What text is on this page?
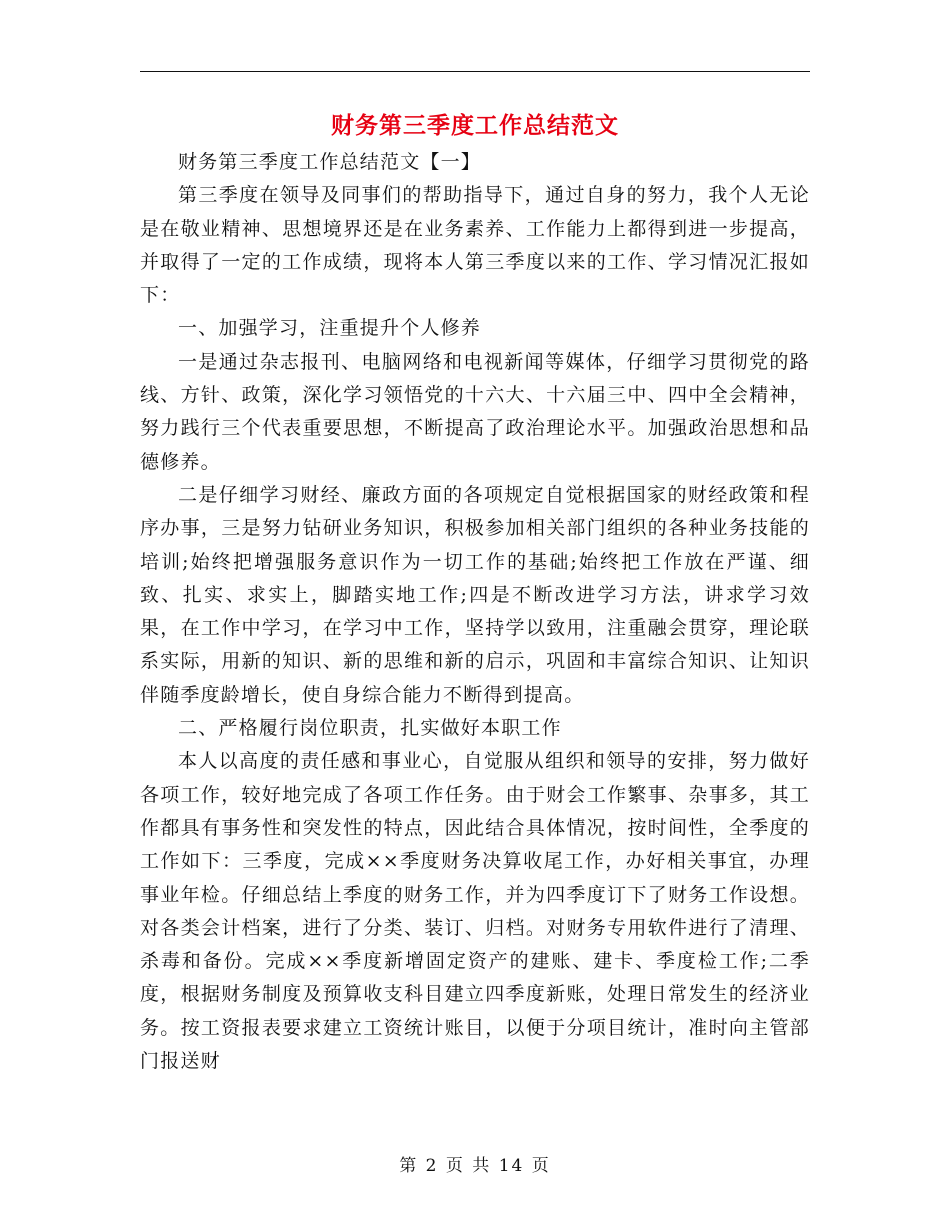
财务第三季度工作总结范文

财务第三季度工作总结范文【一】

第三季度在领导及同事们的帮助指导下，通过自身的努力，我个人无论是在敬业精神、思想境界还是在业务素养、工作能力上都得到进一步提高，并取得了一定的工作成绩，现将本人第三季度以来的工作、学习情况汇报如下：

一、加强学习，注重提升个人修养

一是通过杂志报刊、电脑网络和电视新闻等媒体，仔细学习贯彻党的路线、方针、政策，深化学习领悟党的十六大、十六届三中、四中全会精神，努力践行三个代表重要思想，不断提高了政治理论水平。加强政治思想和品德修养。

二是仔细学习财经、廉政方面的各项规定自觉根据国家的财经政策和程序办事，三是努力钻研业务知识，积极参加相关部门组织的各种业务技能的培训;始终把增强服务意识作为一切工作的基础;始终把工作放在严谨、细致、扎实、求实上，脚踏实地工作;四是不断改进学习方法，讲求学习效果，在工作中学习，在学习中工作，坚持学以致用，注重融会贯穿，理论联系实际，用新的知识、新的思维和新的启示，巩固和丰富综合知识、让知识伴随季度龄增长，使自身综合能力不断得到提高。

二、严格履行岗位职责，扎实做好本职工作

本人以高度的责任感和事业心，自觉服从组织和领导的安排，努力做好各项工作，较好地完成了各项工作任务。由于财会工作繁事、杂事多，其工作都具有事务性和突发性的特点，因此结合具体情况，按时间性，全季度的工作如下：三季度，完成××季度财务决算收尾工作，办好相关事宜，办理事业年检。仔细总结上季度的财务工作，并为四季度订下了财务工作设想。对各类会计档案，进行了分类、装订、归档。对财务专用软件进行了清理、杀毒和备份。完成××季度新增固定资产的建账、建卡、季度检工作;二季度，根据财务制度及预算收支科目建立四季度新账，处理日常发生的经济业务。按工资报表要求建立工资统计账目，以便于分项目统计，准时向主管部门报送财

第 2 页 共 14 页
